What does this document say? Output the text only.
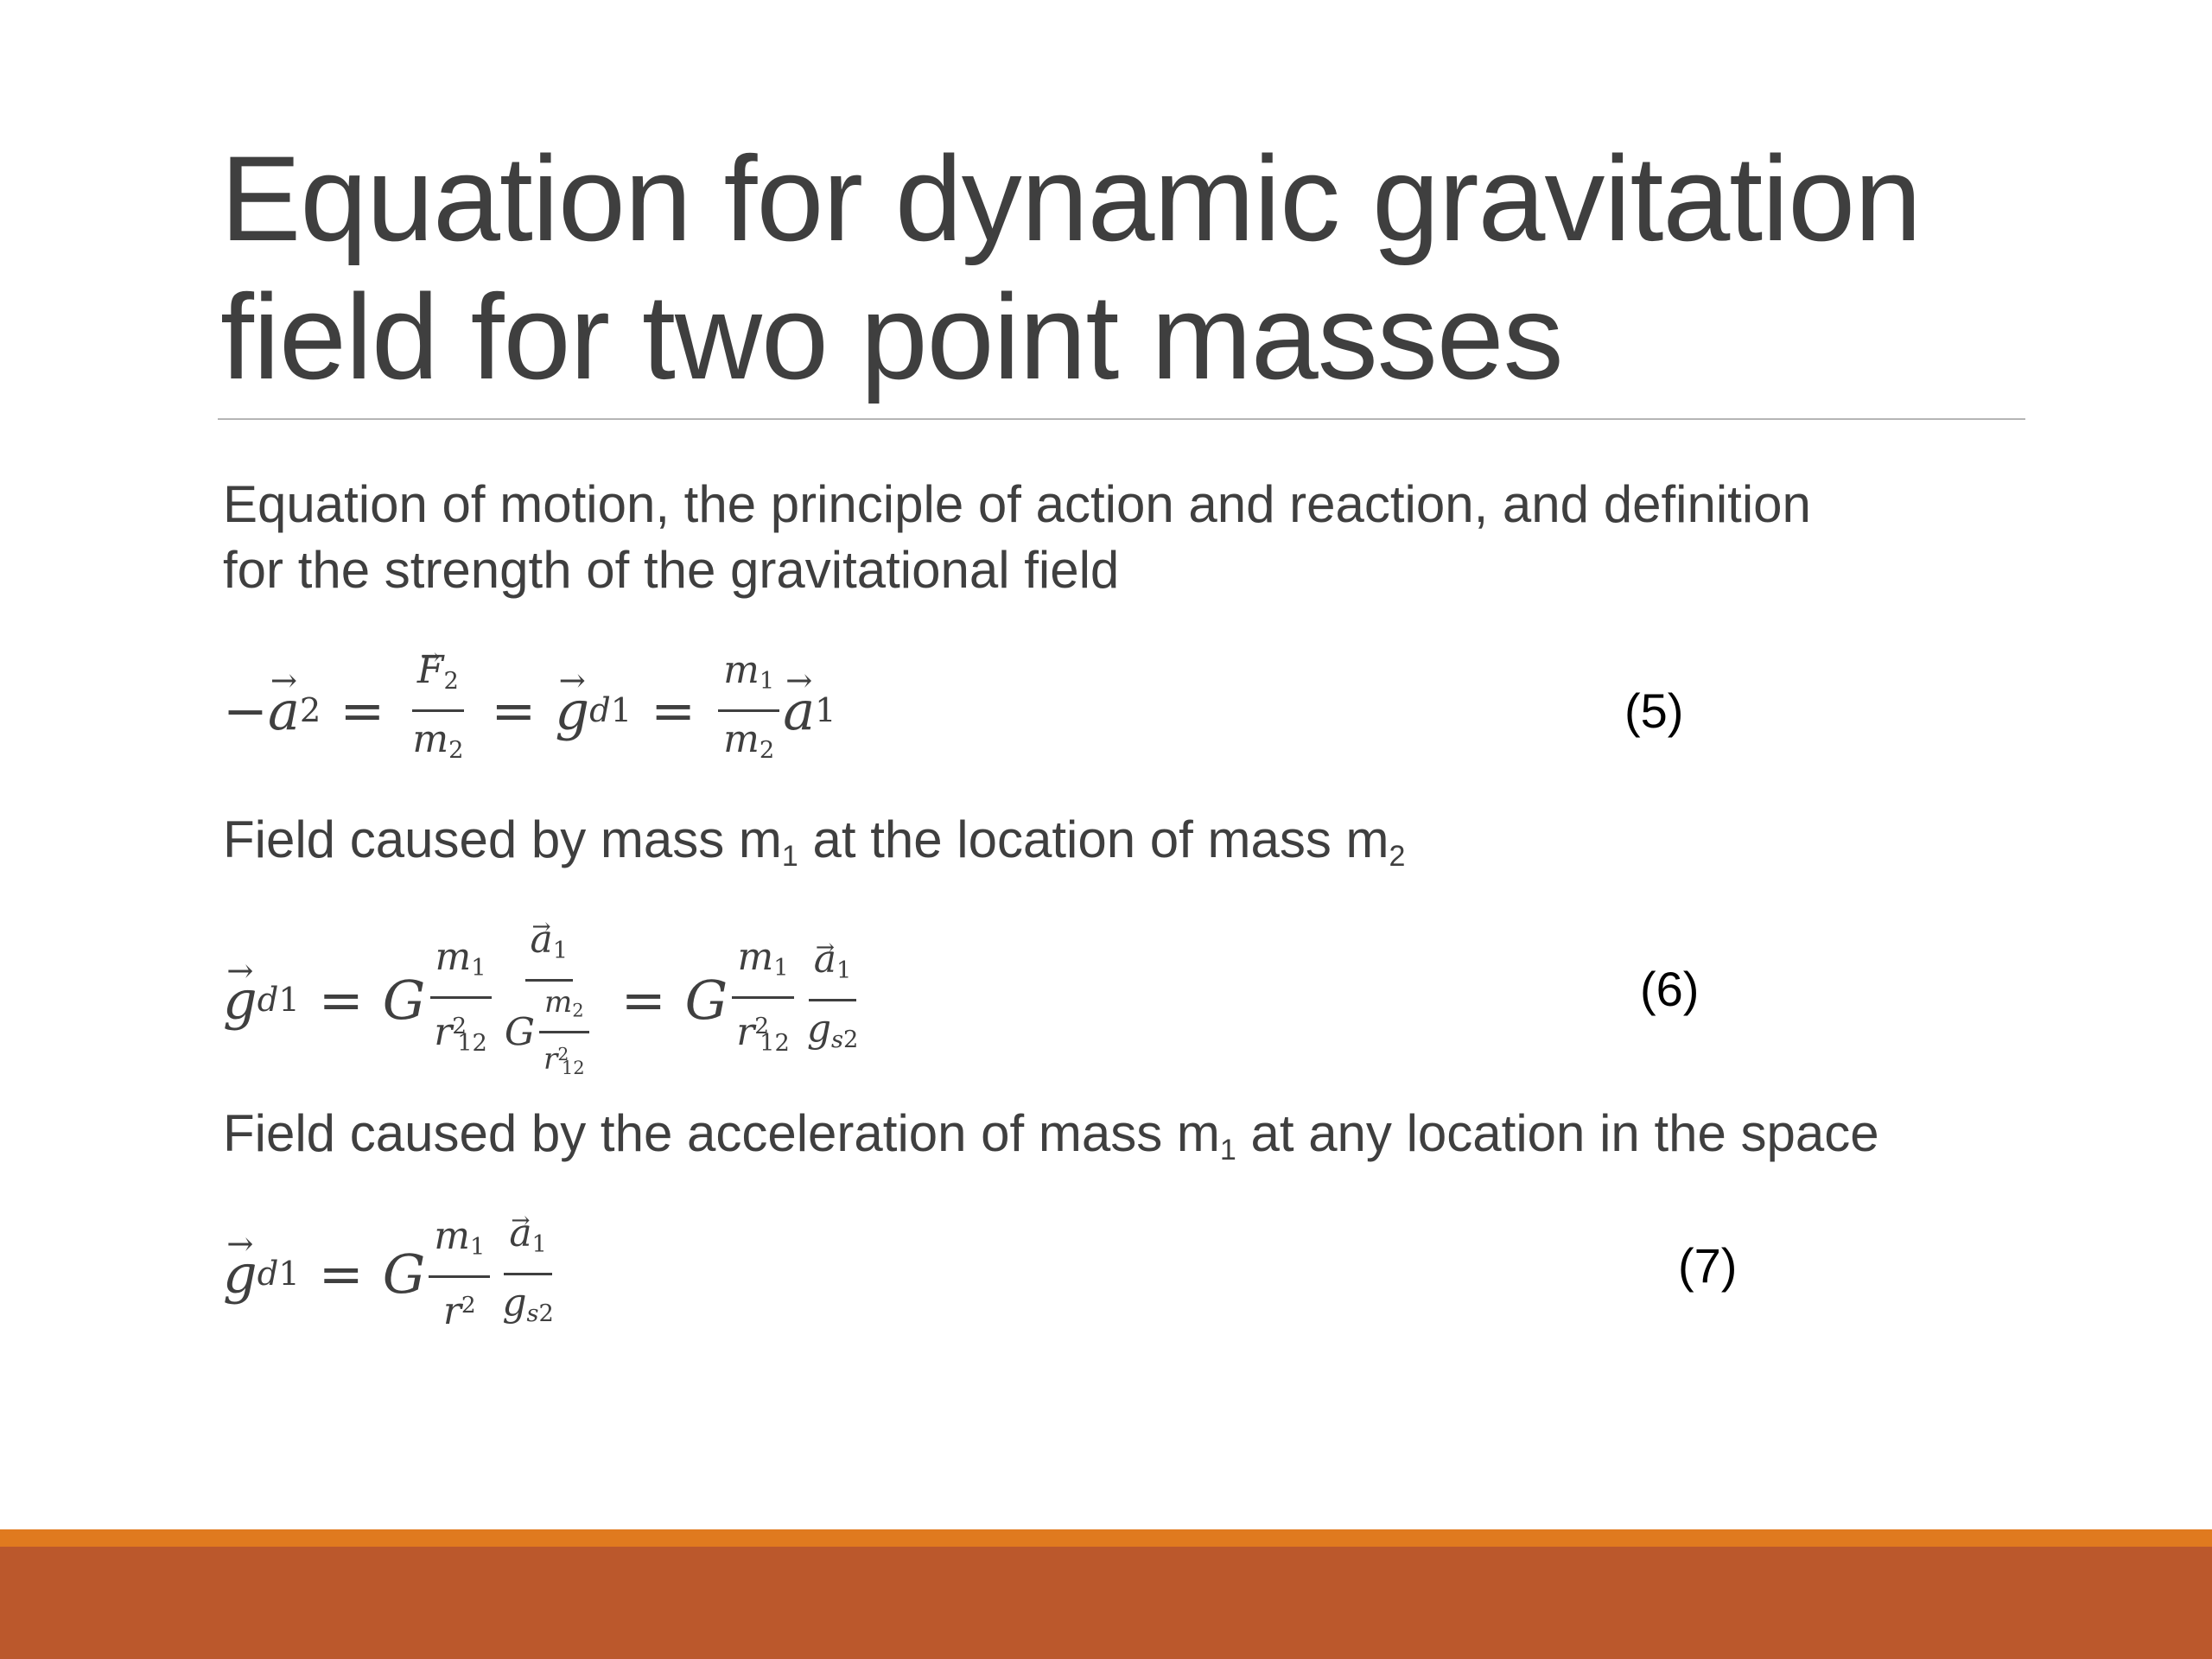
Equation for dynamic gravitation
field for two point masses
Equation of motion, the principle of action and reaction, and definition
for the strength of the gravitational field
−
→ a 2 =
→ $\frac{F_2}{m_2}$ =
→ g $d1 = \frac{m_1}{m_2}$
→ a 1	(5)
Field caused by mass $m_1$ at the location of mass $m_2$
→ g d1 = G $\frac{m_1}{r^2_{12}}$
→ $\frac{a_1}{G \frac{m_2}{r^2_{12}}} = G \frac{m_1}{r^2_{12}}$
→ $\frac{a_1}{g_{s2}}$	(6)
Field caused by the acceleration of mass $m_1$ at any location in the space
→ g d1 = G $\frac{m_1}{r^2}$
→ $\frac{a_1}{g_{s2}}$	(7)
